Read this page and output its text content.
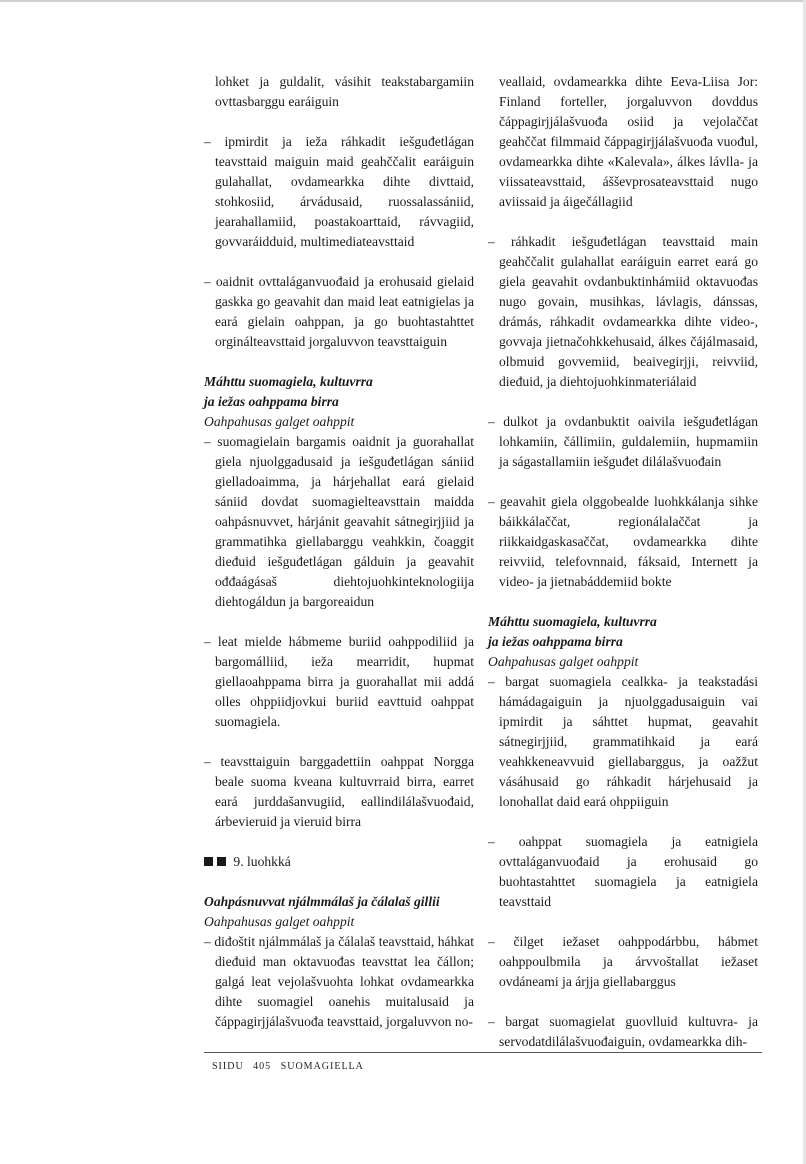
lohket ja guldalit, vásihit teakstabargamiin ovttasbarggu earáiguin
– ipmirdit ja ieža ráhkadit iešguđetlágan teavsttaid maiguin maid geahččalit earáiguin gulahallat, ovdamearkka dihte divttaid, stohkosiid, árvádusaid, ruossalassániid, jearahallamiid, poastakoarttaid, rávvagiid, govvaráidduid, multimediateavsttaid
– oaidnit ovttaláganvuođaid ja erohusaid gielaid gaskka go geavahit dan maid leat eatnigielas ja eará gielain oahppan, ja go buohtastahttet orginálteavsttaid jorgaluvvon teavsttaiguin
Máhttu suomagiela, kultuvrra
ja iežas oahppama birra
Oahpahusas galget oahppit
– suomagielain bargamis oaidnit ja guorahallat giela njuolggadusaid ja iešguđetlágan sániid gielladoaimma, ja hárjehallat eará gielaid sániid dovdat suomagielteavsttain maidda oahpásnuvvet, hárjánit geavahit sátnegirjjiid ja grammatihka giellabarggu veahkkin, čoaggit dieđuid iešguđetlágan gálduin ja geavahit ođđaágásaš diehtojuohkinteknologiija diehtogáldun ja bargoreaidun
– leat mielde hábmeme buriid oahppodiliid ja bargomálliid, ieža mearridit, hupmat giellaoahppama birra ja guorahallat mii addá olles ohppiidjovkui buriid eavttuid oahppat suomagiela.
– teavsttaiguin barggadettiin oahppat Norgga beale suoma kveana kultuvrraid birra, earret eará jurddašanvugiid, eallindilálašvuođaid, árbevieruid ja vieruid birra
9. luohkká
Oahpásnuvvat njálmmálaš ja čálalaš gillii
Oahpahusas galget oahppit
– diđoštit njálmmálaš ja čálalaš teavsttaid, háhkat dieđuid man oktavuođas teavsttat lea čállon; galgá leat vejolašvuohta lohkat ovdamearkka dihte suomagiel oanehis muitalusaid ja čáppagirjjálašvuođa teavsttaid, jorgaluvvon no-
veallaid, ovdamearkka dihte Eeva-Liisa Jor: Finland forteller, jorgaluvvon dovddus čáppagirjjálašvuođa osiid ja vejolaččat geahččat filmmaid čáppagirjjálašvuođa vuođul, ovdamearkka dihte «Kalevala», álkes lávlla- ja viissateavsttaid, ášševprosateavsttaid nugo aviissaid ja áigečállagiid
– ráhkadit iešguđetlágan teavsttaid main geahččalit gulahallat earáiguin earret eará go giela geavahit ovdanbuktinhámiid oktavuođas nugo govain, musihkas, lávlagis, dánssas, drámás, ráhkadit ovdamearkka dihte video-, govvaja jietnačohkkehusaid, álkes čájálmasaid, olbmuid govvemiid, beaivegirjji, reivviid, dieđuid, ja diehtojuohkinmateriálaid
– dulkot ja ovdanbuktit oaivila iešguđetlágan lohkamiin, čállimiin, guldalemiin, hupmamiin ja ságastallamiin iešguđet dilálašvuođain
– geavahit giela olggobealde luohkkálanja sihke báikkálaččat, regionálalaččat ja riikkaidgaskasaččat, ovdamearkka dihte reivviid, telefovnnaid, fáksaid, Internett ja video- ja jietnabáddemiid bokte
Máhttu suomagiela, kultuvrra
ja iežas oahppama birra
Oahpahusas galget oahppit
– bargat suomagiela cealkka- ja teakstadási hámádagaiguin ja njuolggadusaiguin vai ipmirdit ja sáhttet hupmat, geavahit sátnegirjjiid, grammatihkaid ja eará veahkkeneavvuid giellabarggus, ja oažžut vásáhusaid go ráhkadit hárjehusaid ja lonohallat daid eará ohppiiguin
– oahppat suomagiela ja eatnigiela ovttaláganvuođaid ja erohusaid go buohtastahttet suomagiela ja eatnigiela teavsttaid
– čilget iežaset oahppodárbbu, hábmet oahppoulbmila ja árvvoštallat iežaset ovdáneami ja árjja giellabarggus
– bargat suomagielat guovlluid kultuvra- ja servodatdilálašvuođaiguin, ovdamearkka dih-
SIIDU 405 SUOMAGIELLA
